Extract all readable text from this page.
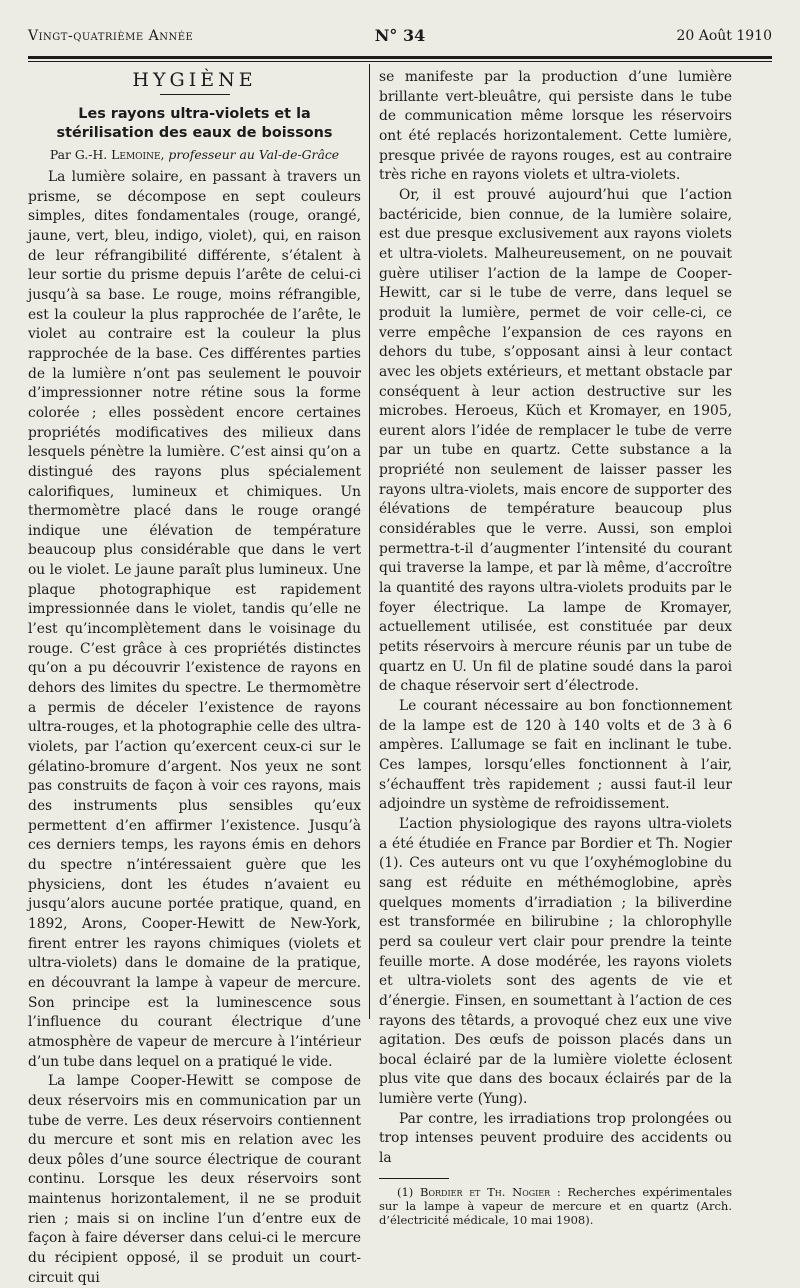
Vingt-quatrième Année	N° 34	20 Août 1910
HYGIÈNE
Les rayons ultra-violets et la stérilisation des eaux de boissons
Par G.-H. Lemoine, professeur au Val-de-Grâce

La lumière solaire, en passant à travers un prisme, se décompose en sept couleurs simples, dites fondamentales (rouge, orangé, jaune, vert, bleu, indigo, violet), qui, en raison de leur réfrangibilité différente, s’étalent à leur sortie du prisme depuis l’arête de celui-ci jusqu’à sa base. Le rouge, moins réfrangible, est la couleur la plus rapprochée de l’arête, le violet au contraire est la couleur la plus rapprochée de la base. Ces différentes parties de la lumière n’ont pas seulement le pouvoir d’impressionner notre rétine sous la forme colorée ; elles possèdent encore certaines propriétés modificatives des milieux dans lesquels pénètre la lumière. C’est ainsi qu’on a distingué des rayons plus spécialement calorifiques, lumineux et chimiques. Un thermomètre placé dans le rouge orangé indique une élévation de température beaucoup plus considérable que dans le vert ou le violet. Le jaune paraît plus lumineux. Une plaque photographique est rapidement impressionnée dans le violet, tandis qu’elle ne l’est qu’incomplètement dans le voisinage du rouge. C’est grâce à ces propriétés distinctes qu’on a pu découvrir l’existence de rayons en dehors des limites du spectre. Le thermomètre a permis de déceler l’existence de rayons ultra-rouges, et la photographie celle des ultra-violets, par l’action qu’exercent ceux-ci sur le gélatino-bromure d’argent. Nos yeux ne sont pas construits de façon à voir ces rayons, mais des instruments plus sensibles qu’eux permettent d’en affirmer l’existence. Jusqu’à ces derniers temps, les rayons émis en dehors du spectre n’intéressaient guère que les physiciens, dont les études n’avaient eu jusqu’alors aucune portée pratique, quand, en 1892, Arons, Cooper-Hewitt de New-York, firent entrer les rayons chimiques (violets et ultra-violets) dans le domaine de la pratique, en découvrant la lampe à vapeur de mercure. Son principe est la luminescence sous l’influence du courant électrique d’une atmosphère de vapeur de mercure à l’intérieur d’un tube dans lequel on a pratiqué le vide.

La lampe Cooper-Hewitt se compose de deux réservoirs mis en communication par un tube de verre. Les deux réservoirs contiennent du mercure et sont mis en relation avec les deux pôles d’une source électrique de courant continu. Lorsque les deux réservoirs sont maintenus horizontalement, il ne se produit rien ; mais si on incline l’un d’entre eux de façon à faire déverser dans celui-ci le mercure du récipient opposé, il se produit un court-circuit qui

se manifeste par la production d’une lumière brillante vert-bleuâtre, qui persiste dans le tube de communication même lorsque les réservoirs ont été replacés horizontalement. Cette lumière, presque privée de rayons rouges, est au contraire très riche en rayons violets et ultra-violets.

Or, il est prouvé aujourd’hui que l’action bactéricide, bien connue, de la lumière solaire, est due presque exclusivement aux rayons violets et ultra-violets. Malheureusement, on ne pouvait guère utiliser l’action de la lampe de Cooper-Hewitt, car si le tube de verre, dans lequel se produit la lumière, permet de voir celle-ci, ce verre empêche l’expansion de ces rayons en dehors du tube, s’opposant ainsi à leur contact avec les objets extérieurs, et mettant obstacle par conséquent à leur action destructive sur les microbes. Heroeus, Küch et Kromayer, en 1905, eurent alors l’idée de remplacer le tube de verre par un tube en quartz. Cette substance a la propriété non seulement de laisser passer les rayons ultra-violets, mais encore de supporter des élévations de température beaucoup plus considérables que le verre. Aussi, son emploi permettra-t-il d’augmenter l’intensité du courant qui traverse la lampe, et par là même, d’accroître la quantité des rayons ultra-violets produits par le foyer électrique. La lampe de Kromayer, actuellement utilisée, est constituée par deux petits réservoirs à mercure réunis par un tube de quartz en U. Un fil de platine soudé dans la paroi de chaque réservoir sert d’électrode.

Le courant nécessaire au bon fonctionnement de la lampe est de 120 à 140 volts et de 3 à 6 ampères. L’allumage se fait en inclinant le tube. Ces lampes, lorsqu’elles fonctionnent à l’air, s’échauffent très rapidement ; aussi faut-il leur adjoindre un système de refroidissement.

L’action physiologique des rayons ultra-violets a été étudiée en France par Bordier et Th. Nogier (1). Ces auteurs ont vu que l’oxyhémoglobine du sang est réduite en méthémoglobine, après quelques moments d’irradiation ; la biliverdine est transformée en bilirubine ; la chlorophylle perd sa couleur vert clair pour prendre la teinte feuille morte. A dose modérée, les rayons violets et ultra-violets sont des agents de vie et d’énergie. Finsen, en soumettant à l’action de ces rayons des têtards, a provoqué chez eux une vive agitation. Des œufs de poisson placés dans un bocal éclairé par de la lumière violette éclosent plus vite que dans des bocaux éclairés par de la lumière verte (Yung).

Par contre, les irradiations trop prolongées ou trop intenses peuvent produire des accidents ou la

(1) Bordier et Th. Nogier : Recherches expérimentales sur la lampe à vapeur de mercure et en quartz (Arch. d’électricité médicale, 10 mai 1908).
